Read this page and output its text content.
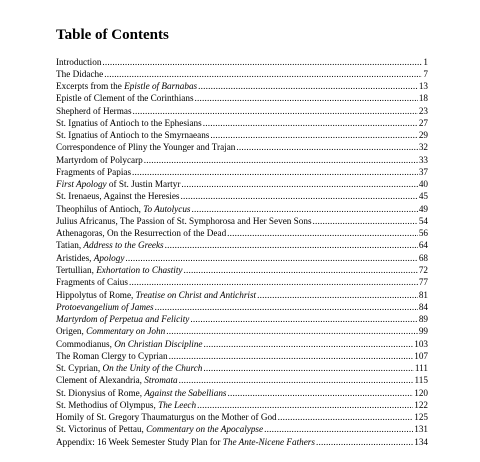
Table of Contents
Introduction .....	1
The Didache .....	7
Excerpts from the Epistle of Barnabas .....	13
Epistle of Clement of the Corinthians .....	18
Shepherd of Hermas .....	23
St. Ignatius of Antioch to the Ephesians .....	27
St. Ignatius of Antioch to the Smyrnaeans .....	29
Correspondence of Pliny the Younger and Trajan .....	32
Martyrdom of Polycarp .....	33
Fragments of Papias .....	37
First Apology of St. Justin Martyr .....	40
St. Irenaeus, Against the Heresies .....	45
Theophilus of Antioch, To Autolycus .....	49
Julius Africanus, The Passion of St. Symphorosa and Her Seven Sons .....	54
Athenagoras, On the Resurrection of the Dead .....	56
Tatian, Address to the Greeks .....	64
Aristides, Apology .....	68
Tertullian, Exhortation to Chastity .....	72
Fragments of Caius .....	77
Hippolytus of Rome, Treatise on Christ and Antichrist .....	81
Protoevangelium of James .....	84
Martyrdom of Perpetua and Felicity .....	89
Origen, Commentary on John .....	99
Commodianus, On Christian Discipline .....	103
The Roman Clergy to Cyprian .....	107
St. Cyprian, On the Unity of the Church .....	111
Clement of Alexandria, Stromata .....	115
St. Dionysius of Rome, Against the Sabellians .....	120
St. Methodius of Olympus, The Leech .....	122
Homily of St. Gregory Thaumaturgus on the Mother of God .....	125
St. Victorinus of Pettau, Commentary on the Apocalypse .....	131
Appendix: 16 Week Semester Study Plan for The Ante-Nicene Fathers .....	134
